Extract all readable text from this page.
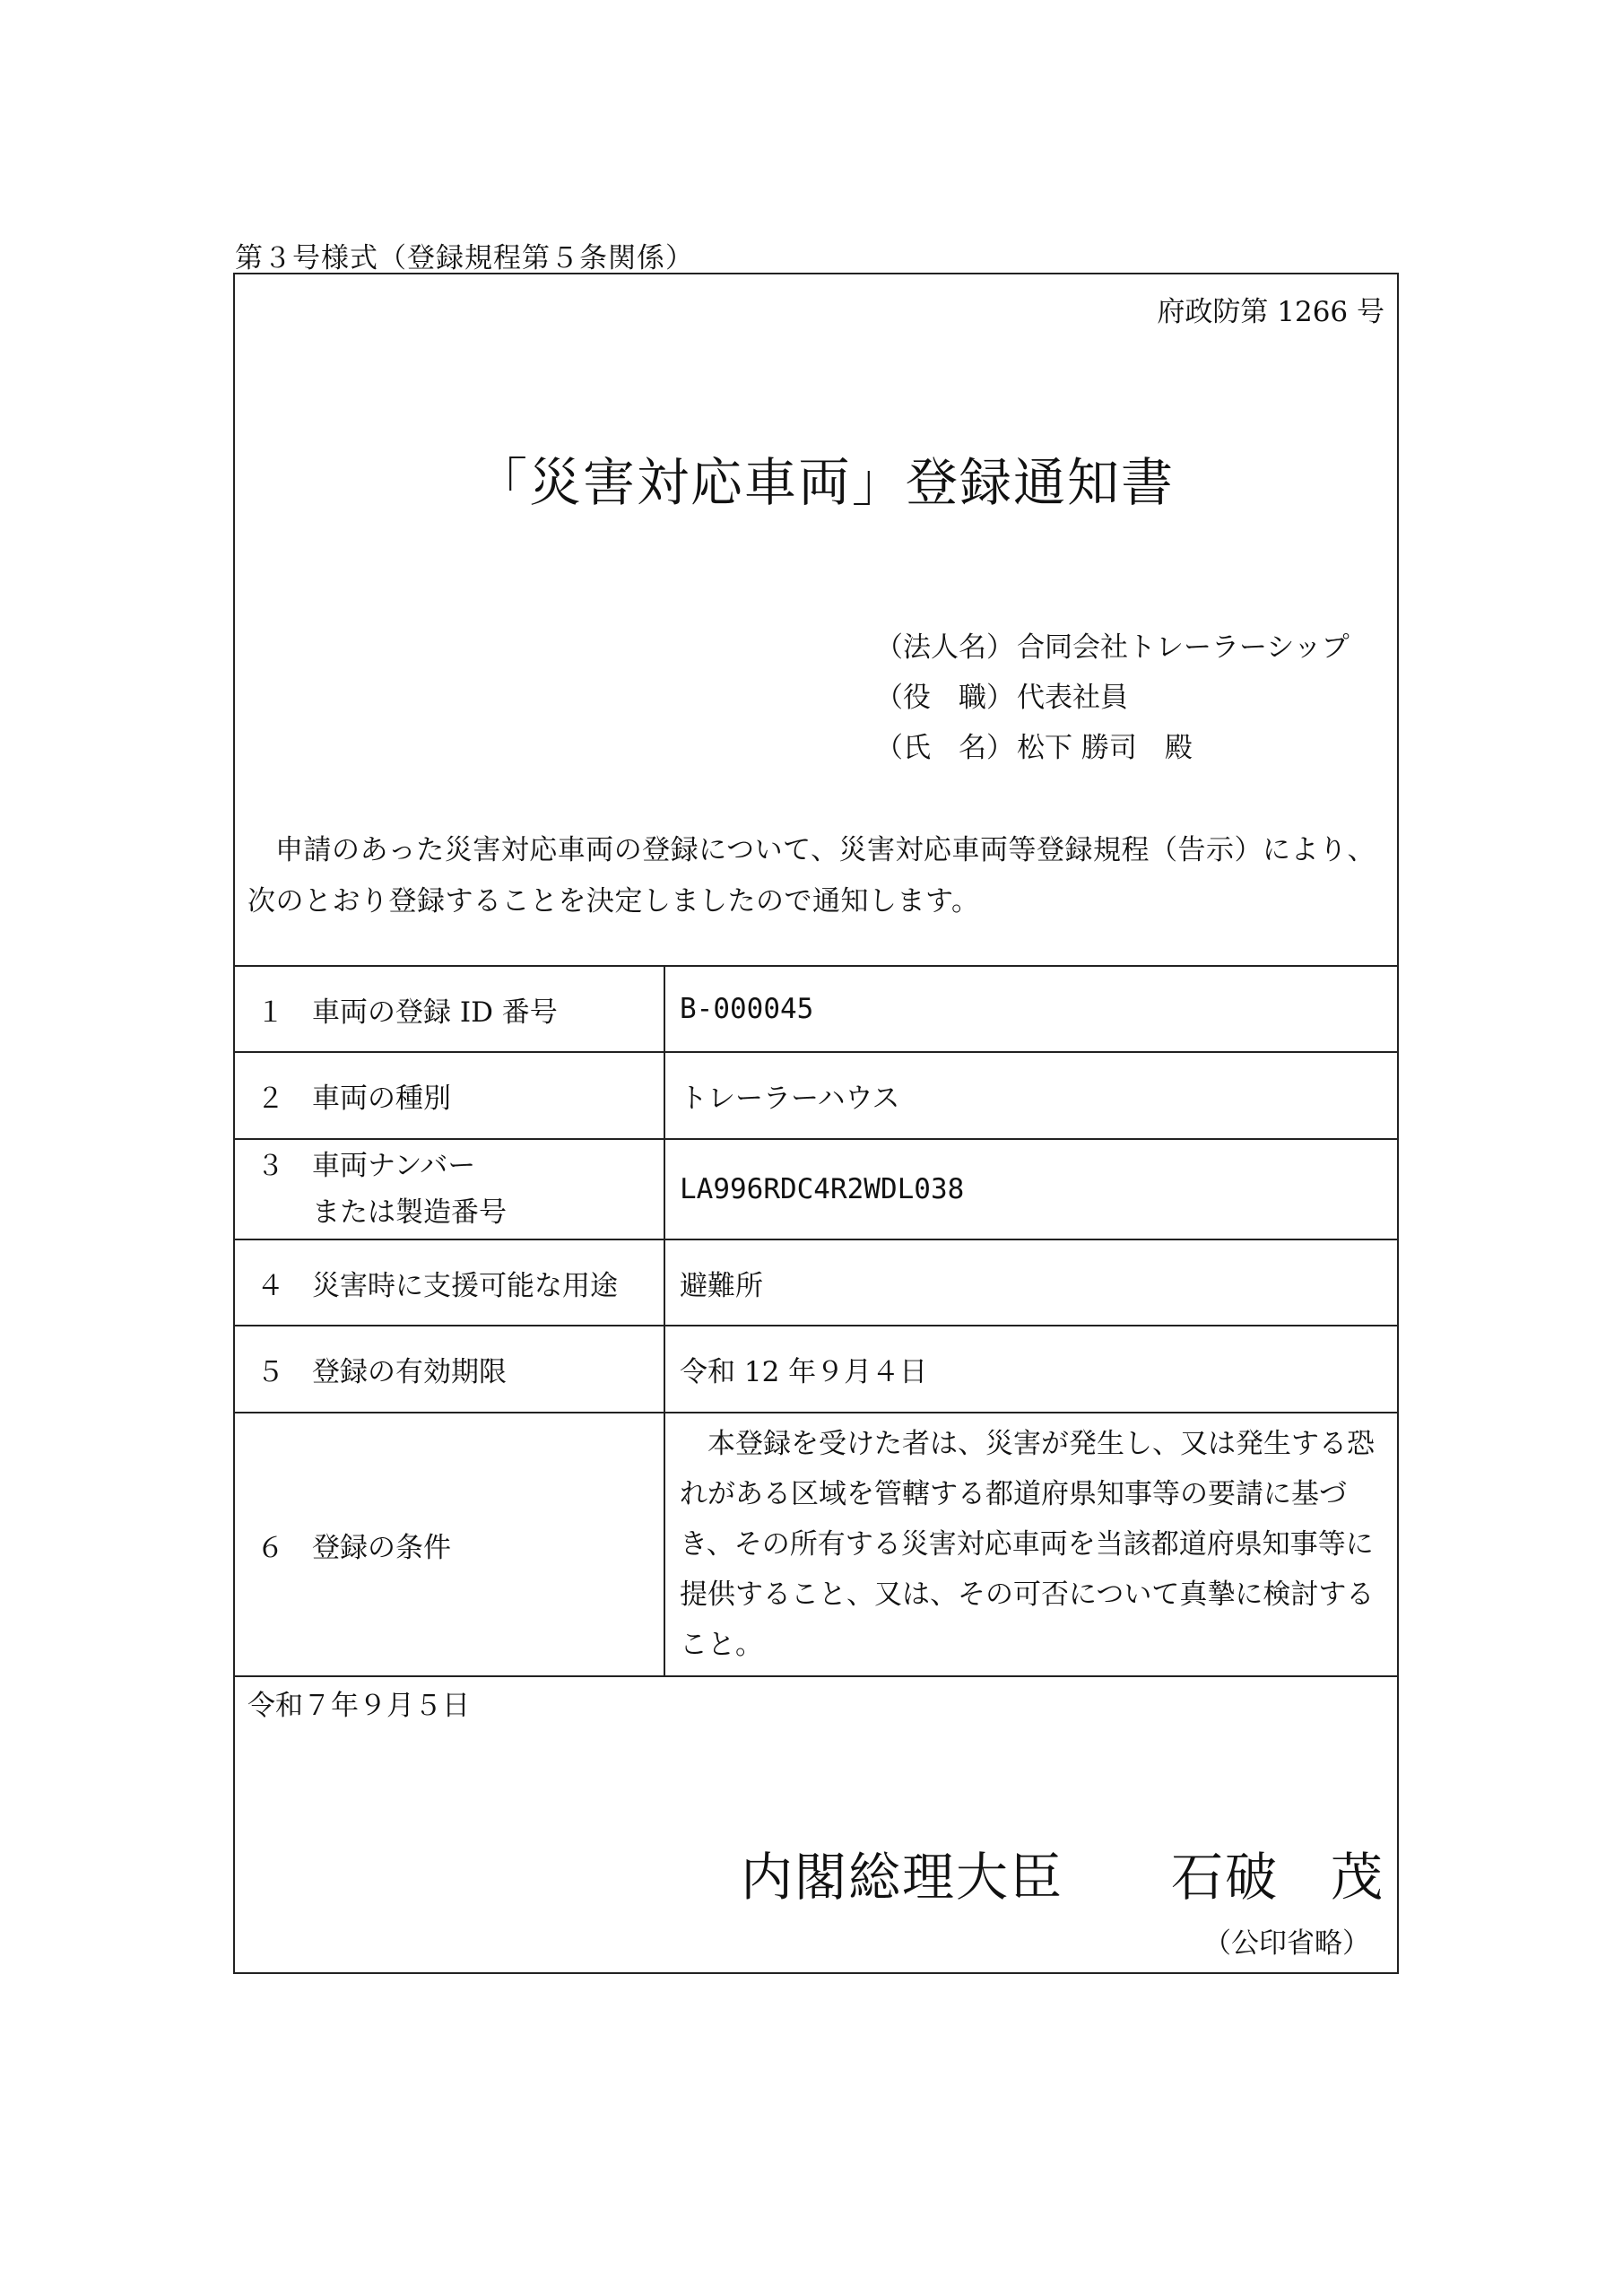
第３号様式（登録規程第５条関係）
府政防第 1266 号
「災害対応車両」登録通知書
（法人名） 合同会社トレーラーシップ
（役　職） 代表社員
（氏　名） 松下 勝司　殿
申請のあった災害対応車両の登録について、災害対応車両等登録規程（告示）により、次のとおり登録することを決定しましたので通知します。
１ 車両の登録 ID 番号	B-000045
２ 車両の種別	トレーラーハウス

３ 車両ナンバー
または製造番号	LA996RDC4R2WDL038
４ 災害時に支援可能な用途	避難所
５ 登録の有効期限	令和 12 年９月４日
６ 登録の条件	本登録を受けた者は、災害が発生し、又は発生する恐れがある区域を管轄する都道府県知事等の要請に基づき、その所有する災害対応車両を当該都道府県知事等に提供すること、又は、その可否について真摯に検討すること。
令和７年９月５日
内閣総理大臣 石破 茂
（公印省略）
